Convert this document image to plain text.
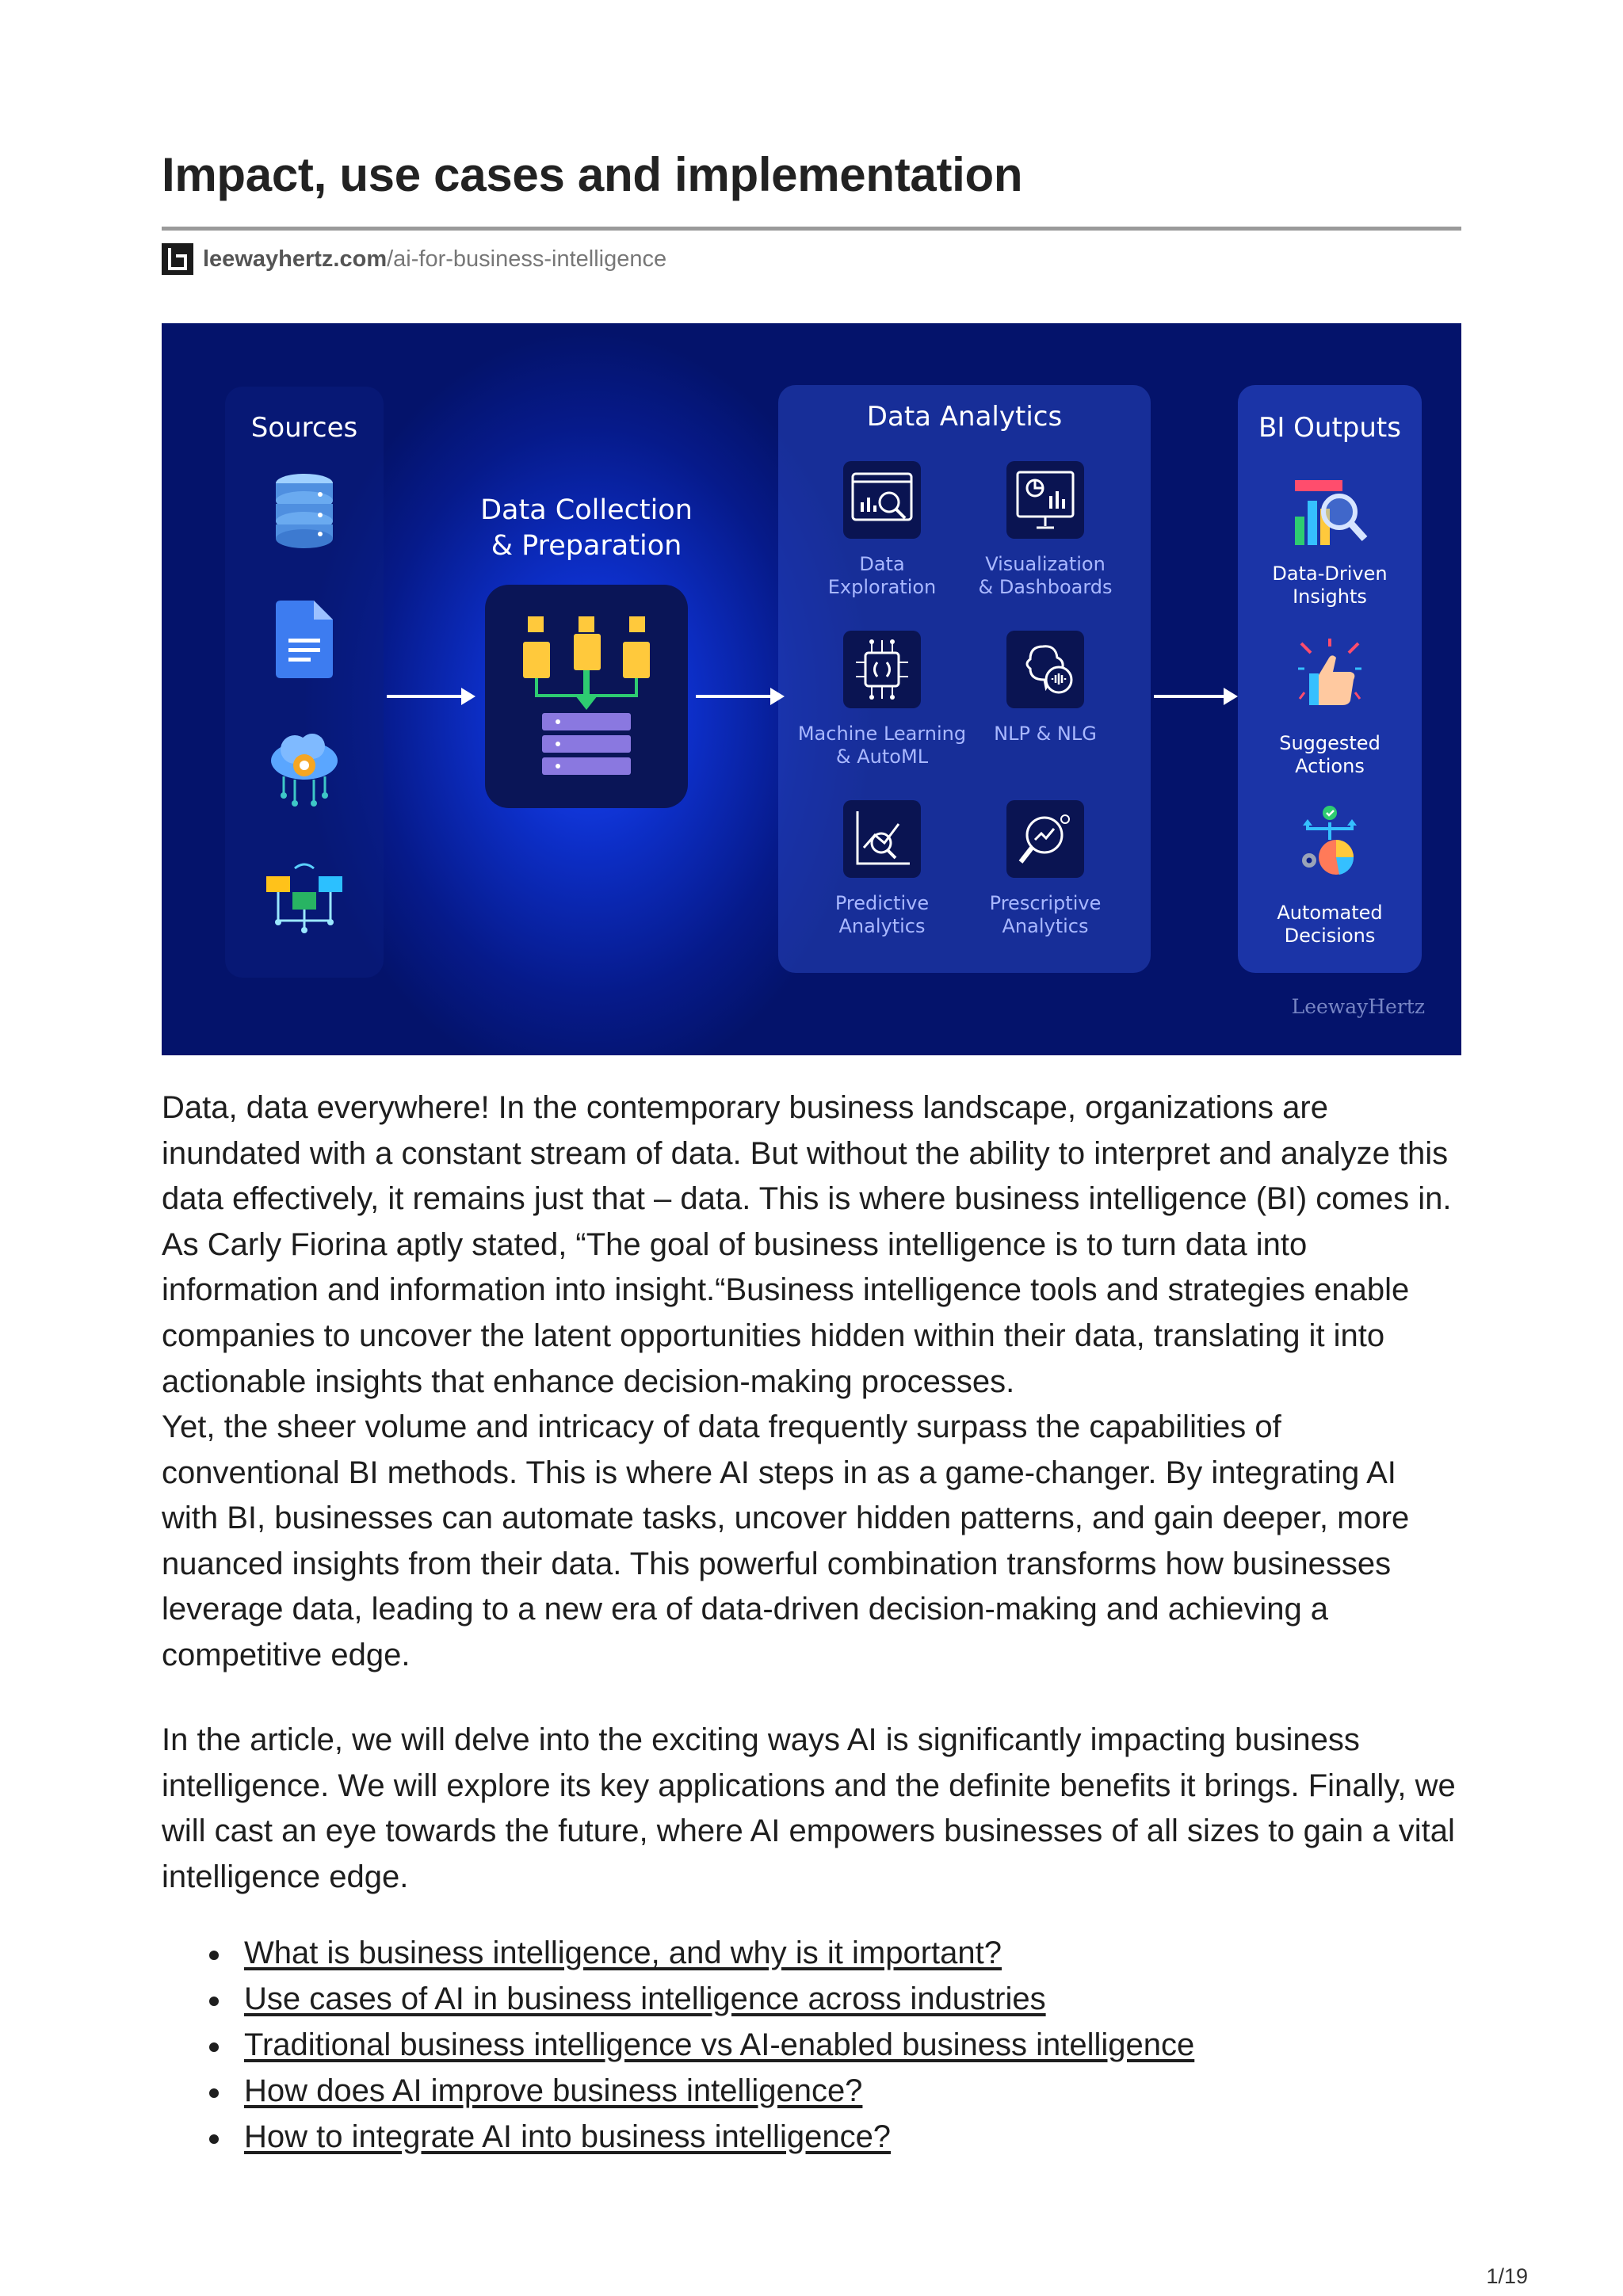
Impact, use cases and implementation
leewayhertz.com /ai-for-business-intelligence
Sources	Data Analytics	BI Outputs
Data Collection
& Preparation
Data
Exploration
Visualization
& Dashboards
Machine Learning
& AutoML
NLP & NLG

Predictive
Analytics
Prescriptive
Analytics
Data-Driven
Insights
Suggested
Actions
Automated
Decisions
LeewayHertz

Data, data everywhere! In the contemporary business landscape, organizations are inundated with a constant stream of data. But without the ability to interpret and analyze this data effectively, it remains just that – data. This is where business intelligence (BI) comes in. As Carly Fiorina aptly stated, “The goal of business intelligence is to turn data into information and information into insight.“Business intelligence tools and strategies enable companies to uncover the latent opportunities hidden within their data, translating it into actionable insights that enhance decision-making processes.

Yet, the sheer volume and intricacy of data frequently surpass the capabilities of conventional BI methods. This is where AI steps in as a game-changer. By integrating AI with BI, businesses can automate tasks, uncover hidden patterns, and gain deeper, more nuanced insights from their data. This powerful combination transforms how businesses leverage data, leading to a new era of data-driven decision-making and achieving a competitive edge.

In the article, we will delve into the exciting ways AI is significantly impacting business intelligence. We will explore its key applications and the definite benefits it brings. Finally, we will cast an eye towards the future, where AI empowers businesses of all sizes to gain a vital intelligence edge.

What is business intelligence, and why is it important?
Use cases of AI in business intelligence across industries
Traditional business intelligence vs AI-enabled business intelligence
How does AI improve business intelligence?
How to integrate AI into business intelligence?
1/19
